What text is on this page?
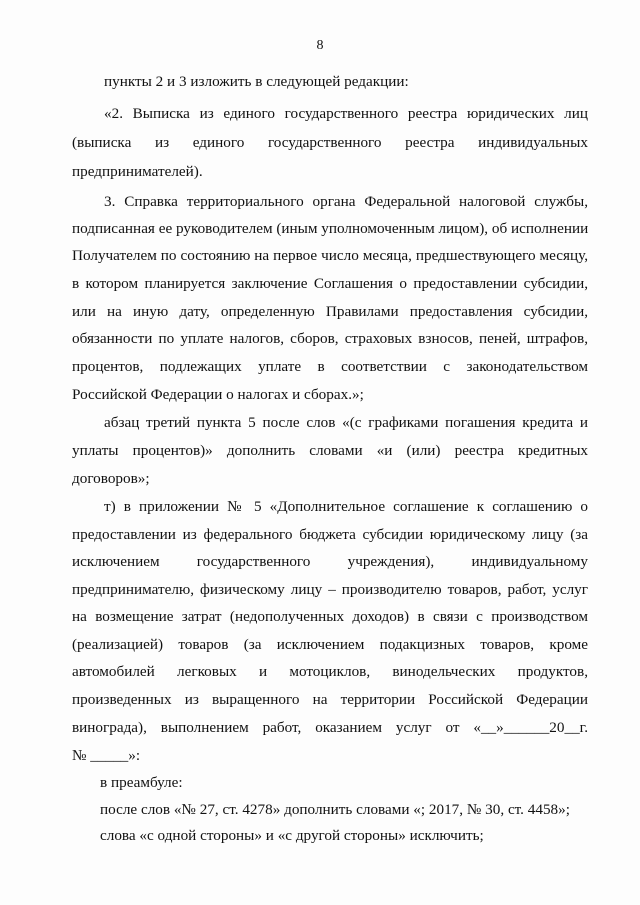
8
пункты 2 и 3 изложить в следующей редакции:
«2. Выписка из единого государственного реестра юридических лиц
(выписка из единого государственного реестра индивидуальных
предпринимателей).
3. Справка территориального органа Федеральной налоговой службы,
подписанная ее руководителем (иным уполномоченным лицом), об исполнении
Получателем по состоянию на первое число месяца, предшествующего месяцу,
в котором планируется заключение Соглашения о предоставлении субсидии,
или на иную дату, определенную Правилами предоставления субсидии,
обязанности по уплате налогов, сборов, страховых взносов, пеней, штрафов,
процентов, подлежащих уплате в соответствии с законодательством
Российской Федерации о налогах и сборах.»;
абзац третий пункта 5 после слов «(с графиками погашения кредита и
уплаты процентов)» дополнить словами «и (или) реестра кредитных
договоров»;
т) в приложении № 5 «Дополнительное соглашение к соглашению о
предоставлении из федерального бюджета субсидии юридическому лицу (за
исключением государственного учреждения), индивидуальному
предпринимателю, физическому лицу – производителю товаров, работ, услуг
на возмещение затрат (недополученных доходов) в связи с производством
(реализацией) товаров (за исключением подакцизных товаров, кроме
автомобилей легковых и мотоциклов, винодельческих продуктов,
произведенных из выращенного на территории Российской Федерации
винограда), выполнением работ, оказанием услуг от «__»______20__г.
№ _____»:
в преамбуле:
после слов «№ 27, ст. 4278» дополнить словами «; 2017, № 30, ст. 4458»;
слова «с одной стороны» и «с другой стороны» исключить;
